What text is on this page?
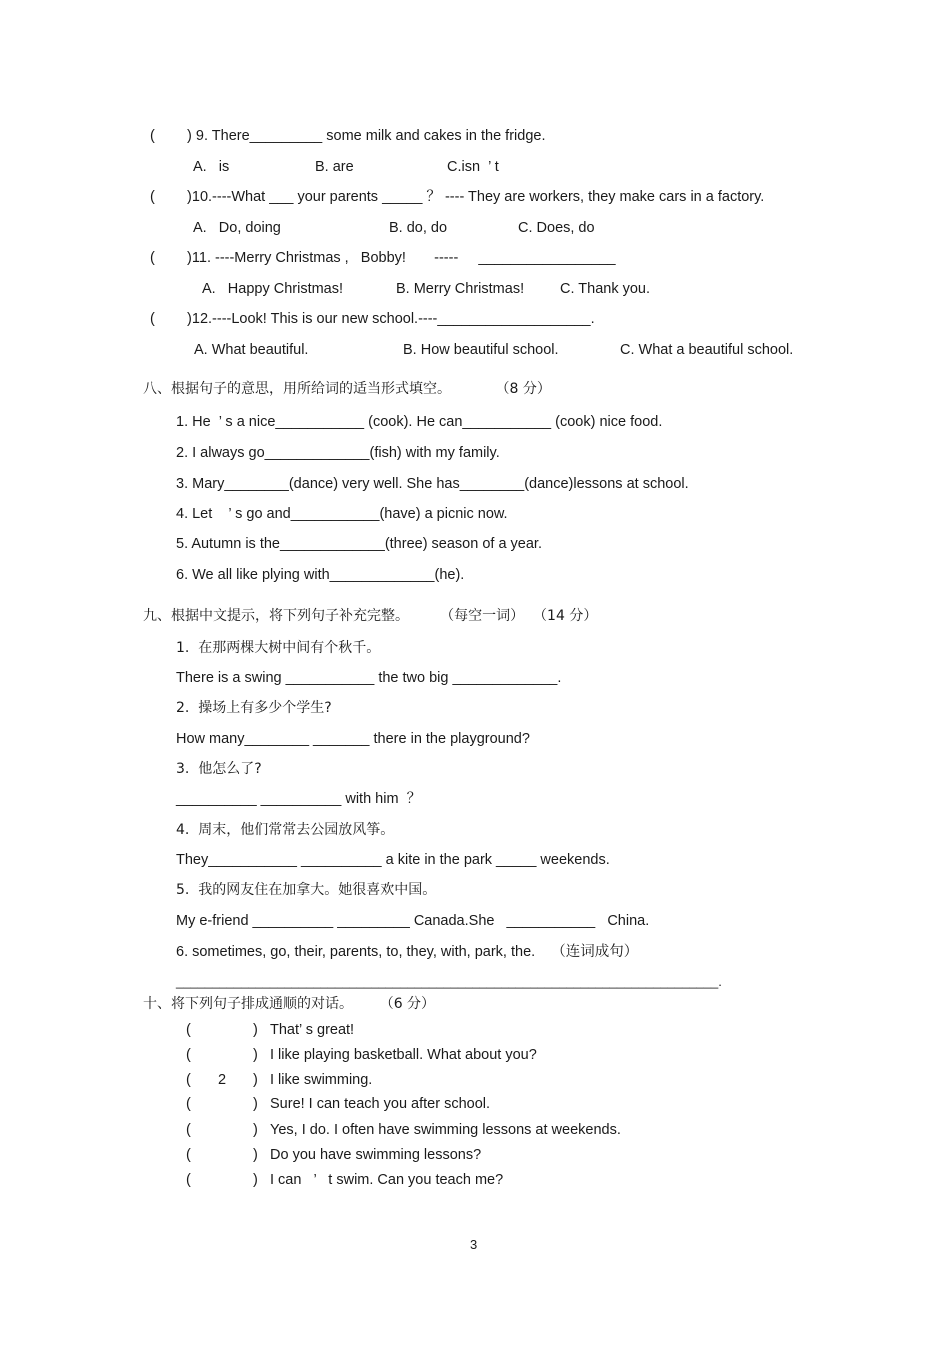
(        ) 9. There_________ some milk and cakes in the fridge.
A.   is	B. are	C.isn  ’ t
(        )10.----What ___ your parents _____ ？ ---- They are workers, they make cars in a factory.
A.   Do, doing	B. do, do	C. Does, do
(        )11. ----Merry Christmas ,   Bobby!       -----     _________________
A.   Happy Christmas!	B. Merry Christmas! C. Thank you.
(        )12.----Look! This is our new school.----___________________.
A. What beautiful.	B. How beautiful school.	C. What a beautiful school.
八、根据句子的意思，用所给词的适当形式填空。          （8 分）
1. He  ’ s a nice___________ (cook). He can___________ (cook) nice food.
2. I always go_____________(fish) with my family.
3. Mary________(dance) very well. She has________(dance)lessons at school.
4. Let    ’ s go and___________(have) a picnic now.
5. Autumn is the_____________(three) season of a year.
6. We all like plying with_____________(he).
九、根据中文提示，将下列句子补充完整。       （每空一词）  （14 分）
1.  在那两棵大树中间有个秋千。
There is a swing ___________ the two big _____________.
2.  操场上有多少个学生?
How many________ _______ there in the playground?
3.  他怎么了?
__________ __________ with him  ？
4.  周末，他们常常去公园放风筝。
They___________ __________ a kite in the park _____ weekends.
5.  我的网友住在加拿大。她很喜欢中国。
My e-friend __________ _________ Canada.She   ___________   China.
6. sometimes, go, their, parents, to, they, with, park, the.    （连词成句）
___________________________________________________________________________.
十、将下列句子排成通顺的对话。      （6 分）
(	) That’ s great!
(	) I like playing basketball. What about you?
( 2 ) I like swimming.
(	) Sure! I can teach you after school.
(	) Yes, I do. I often have swimming lessons at weekends.
(	) Do you have swimming lessons?
(	) I can   ’   t swim. Can you teach me?
3
